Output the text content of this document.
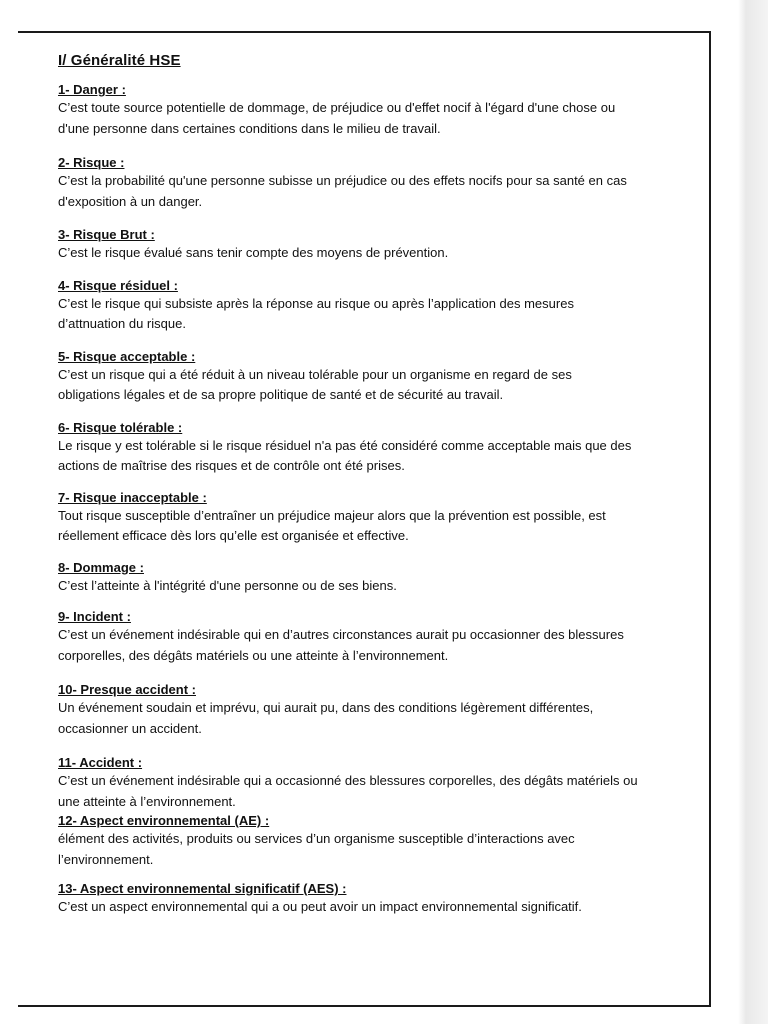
I/ Généralité HSE
1- Danger :
C’est toute source potentielle de dommage, de préjudice ou d'effet nocif à l'égard d'une chose ou
d'une personne dans certaines conditions dans le milieu de travail.
2- Risque :
C’est la probabilité qu'une personne subisse un préjudice ou des effets nocifs pour sa santé en cas
d'exposition à un danger.
3- Risque Brut :
C’est le risque évalué sans tenir compte des moyens de prévention.
4- Risque résiduel :
C’est le risque qui subsiste après la réponse au risque ou après l’application des mesures
d’attnuation du risque.
5- Risque acceptable :
C’est un risque qui a été réduit à un niveau tolérable pour un organisme en regard de ses
obligations légales et de sa propre politique de santé et de sécurité au travail.
6- Risque tolérable :
Le risque y est tolérable si le risque résiduel n'a pas été considéré comme acceptable mais que des
actions de maîtrise des risques et de contrôle ont été prises.
7- Risque inacceptable :
Tout risque susceptible d’entraîner un préjudice majeur alors que la prévention est possible, est
réellement efficace dès lors qu’elle est organisée et effective.
8- Dommage :
C’est l’atteinte à l'intégrité d'une personne ou de ses biens.
9- Incident :
C’est un événement indésirable qui en d’autres circonstances aurait pu occasionner des blessures
corporelles, des dégâts matériels ou une atteinte à l’environnement.
10- Presque accident :
Un événement soudain et imprévu, qui aurait pu, dans des conditions légèrement différentes,
occasionner un accident.
11- Accident :
C’est un événement indésirable qui a occasionné des blessures corporelles, des dégâts matériels ou
une atteinte à l’environnement.
12- Aspect environnemental (AE) :
élément des activités, produits ou services d’un organisme susceptible d’interactions avec
l’environnement.
13- Aspect environnemental significatif (AES) :
C’est un aspect environnemental qui a ou peut avoir un impact environnemental significatif.
